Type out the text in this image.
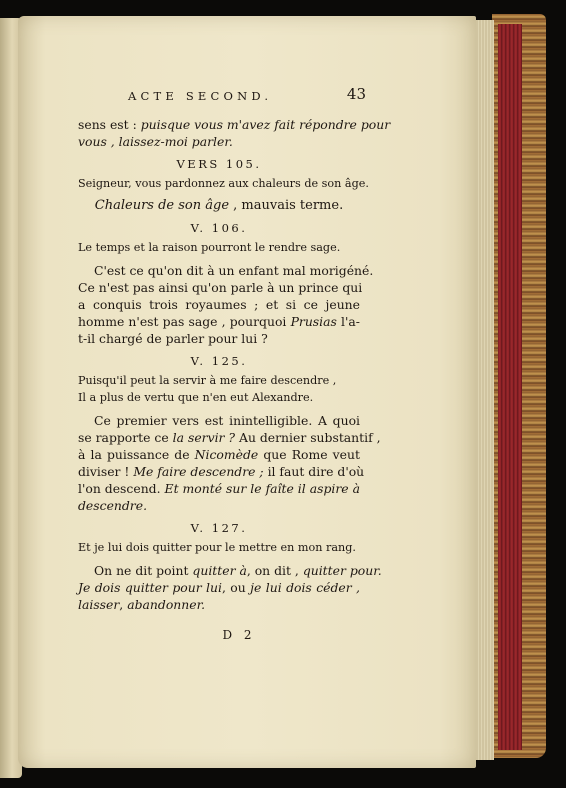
ACTE SECOND.	43
sens est : puisque vous m'avez fait répondre pour
vous , laissez-moi parler.
VERS 105.
Seigneur, vous pardonnez aux chaleurs de son âge.
Chaleurs de son âge , mauvais terme.
V. 106.
Le temps et la raison pourront le rendre sage.
C'est ce qu'on dit à un enfant mal morigéné.
Ce n'est pas ainsi qu'on parle à un prince qui
a conquis trois royaumes ; et si ce jeune
homme n'est pas sage , pourquoi Prusias l'a-
t-il chargé de parler pour lui ?
V. 125.
Puisqu'il peut la servir à me faire descendre ,
Il a plus de vertu que n'en eut Alexandre.
Ce premier vers est inintelligible. A quoi
se rapporte ce la servir ? Au dernier substantif ,
à la puissance de Nicomède que Rome veut
diviser ! Me faire descendre ; il faut dire d'où
l'on descend. Et monté sur le faîte il aspire à
descendre.
V. 127.
Et je lui dois quitter pour le mettre en mon rang.
On ne dit point quitter à, on dit , quitter pour.
Je dois quitter pour lui, ou je lui dois céder ,
laisser, abandonner.
D 2
